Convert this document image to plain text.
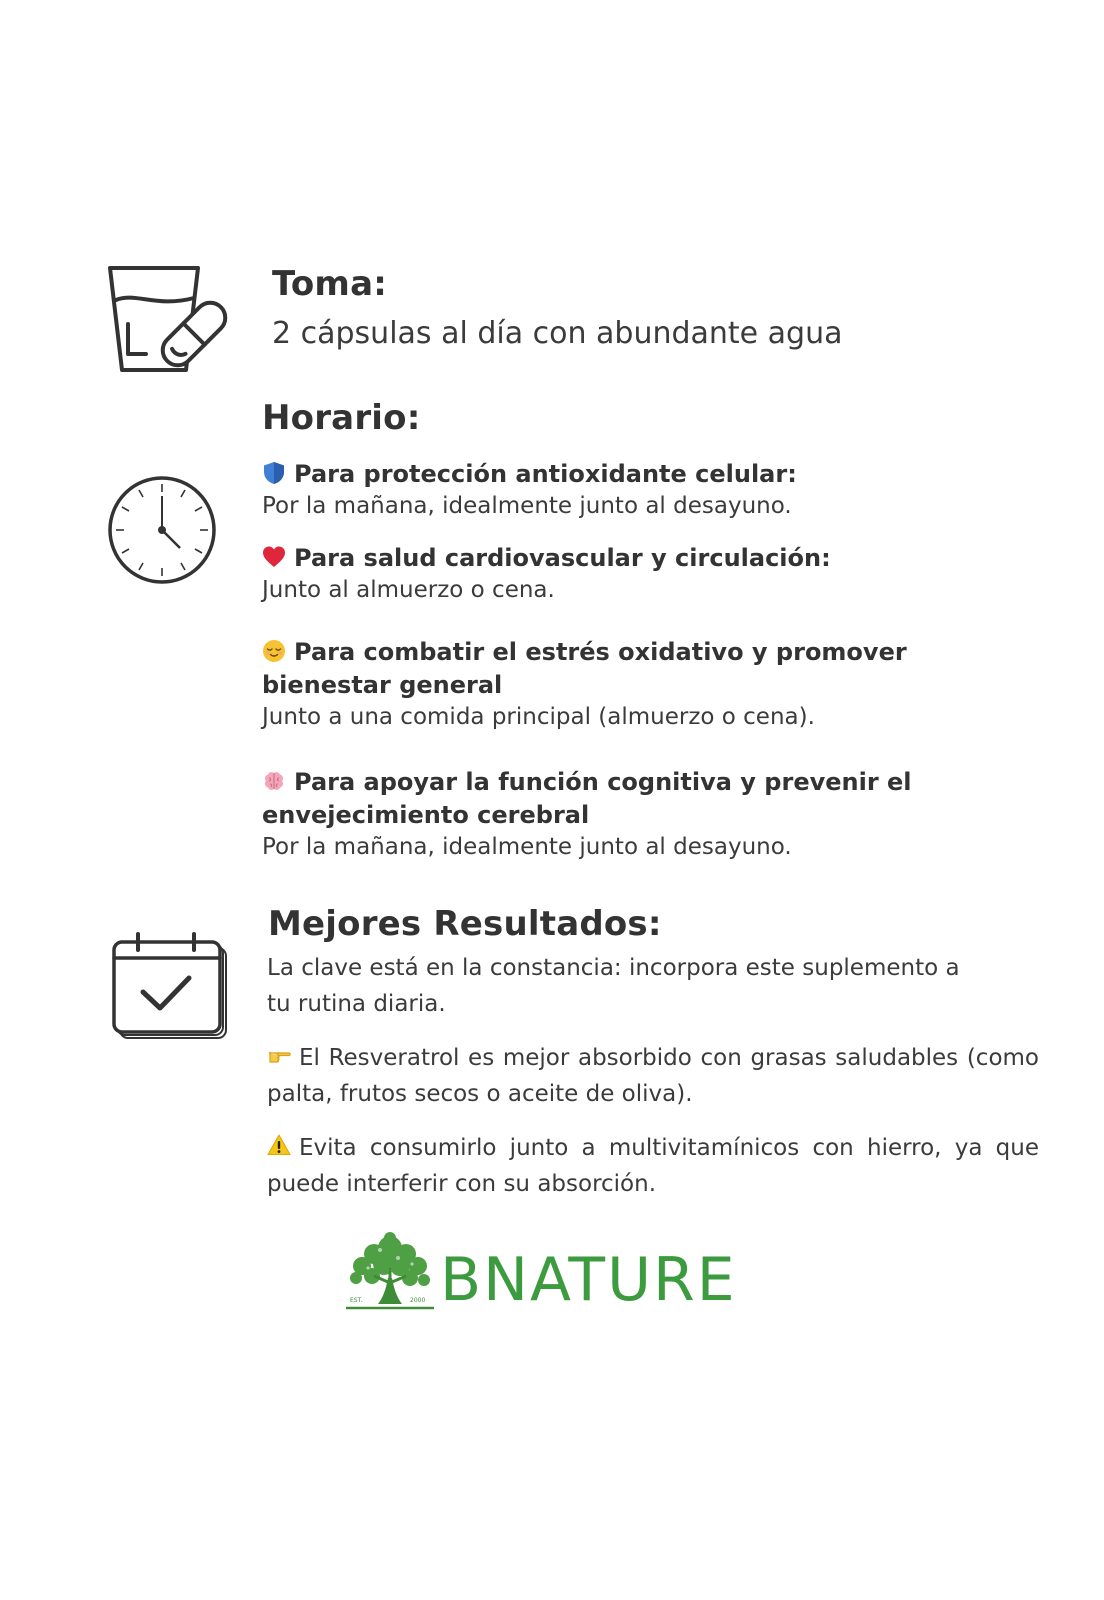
Toma:
2 cápsulas al día con abundante agua
Horario:
Para protección antioxidante celular:
Por la mañana, idealmente junto al desayuno.
Para salud cardiovascular y circulación:
Junto al almuerzo o cena.
Para combatir el estrés oxidativo y promover bienestar general
Junto a una comida principal (almuerzo o cena).
Para apoyar la función cognitiva y prevenir el envejecimiento cerebral
Por la mañana, idealmente junto al desayuno.
Mejores Resultados:
La clave está en la constancia: incorpora este suplemento a tu rutina diaria.
El Resveratrol es mejor absorbido con grasas saludables (como palta, frutos secos o aceite de oliva).
Evita consumirlo junto a multivitamínicos con hierro, ya que puede interferir con su absorción.
EST.	2000 BNATURE
